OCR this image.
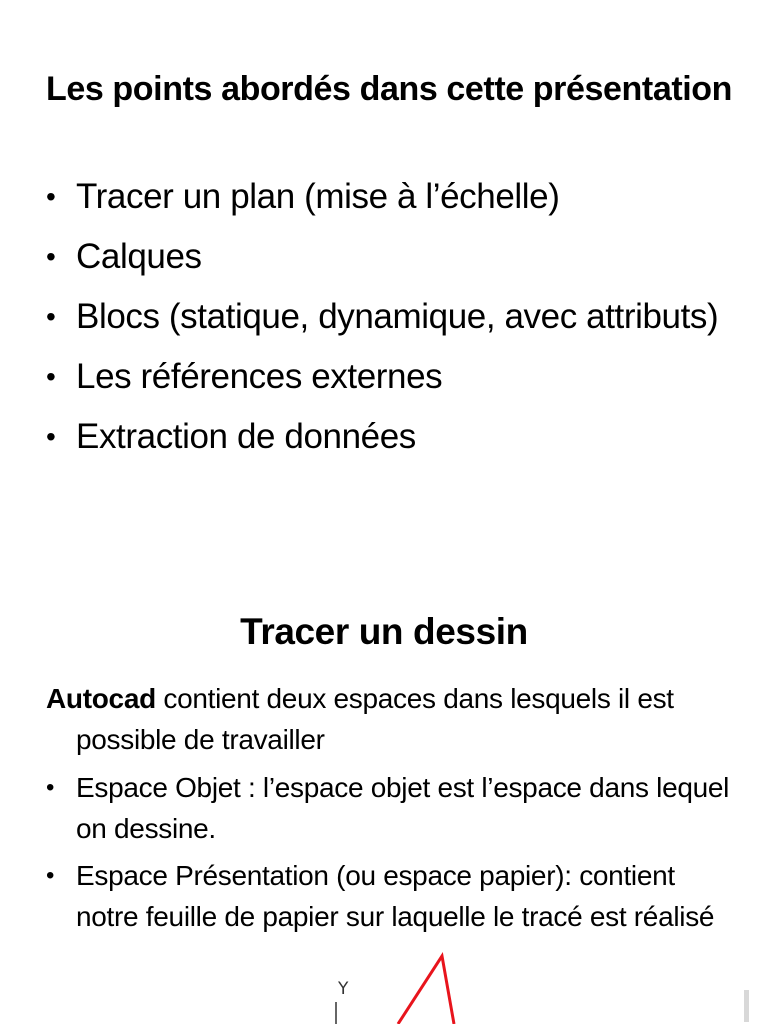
Les points abordés dans cette présentation
• Tracer un plan (mise à l’échelle)
• Calques
• Blocs (statique, dynamique, avec attributs)
• Les références externes
• Extraction de données
Tracer un dessin
Autocad contient deux espaces dans lesquels il est possible de travailler
• Espace Objet : l’espace objet est l’espace dans lequel on dessine.
• Espace Présentation (ou espace papier): contient notre feuille de papier sur laquelle le tracé est réalisé
Y
